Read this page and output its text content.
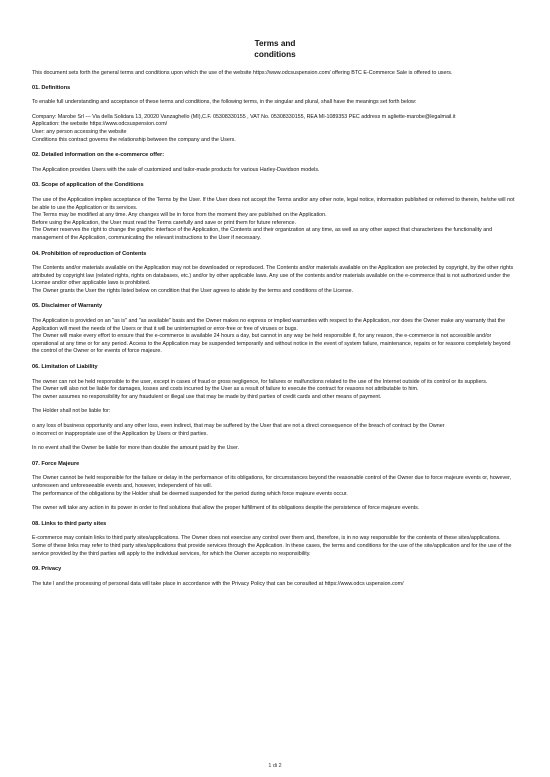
Terms and
conditions

This document sets forth the general terms and conditions upon which the use of the website https://www.odcsuspension.com/ offering BTC E-Commerce Sale is offered to users.

01. Definitions

To enable full understanding and acceptance of these terms and conditions, the following terms, in the singular and plural, shall have the meanings set forth below:

Company: Marobe Srl --- Via della Solidara 13, 20020 Vanzaghello (MI),C.F. 05308330155 , VAT No. 05308330155, REA MI-1089353 PEC address m agliette-marobe@legalmail.it

Application: the website https://www.odcsuspension.com/

User: any person accessing the website

Conditions this contract governs the relationship between the company and the Users.

02. Detailed information on the e-commerce offer:

The Application provides Users with the sale of customized and tailor-made products for various Harley-Davidson models.

03. Scope of application of the Conditions

The use of the Application implies acceptance of the Terms by the User. If the User does not accept the Terms and/or any other note, legal notice, information published or referred to therein, he/she will not be able to use the Application or its services.

The Terms may be modified at any time. Any changes will be in force from the moment they are published on the Application.

Before using the Application, the User must read the Terms carefully and save or print them for future reference.

The Owner reserves the right to change the graphic interface of the Application, the Contents and their organization at any time, as well as any other aspect that characterizes the functionality and management of the Application, communicating the relevant instructions to the User if necessary.

04. Prohibition of reproduction of Contents

The Contents and/or materials available on the Application may not be downloaded or reproduced. The Contents and/or materials available on the Application are protected by copyright, by the other rights attributed by copyright law (related rights, rights on databases, etc.) and/or by other applicable laws. Any use of the contents and/or materials available on the e-commerce that is not authorized under the License and/or other applicable laws is prohibited.

The Owner grants the User the rights listed below on condition that the User agrees to abide by the terms and conditions of the License.

05. Disclaimer of Warranty

The Application is provided on an "as is" and "as available" basis and the Owner makes no express or implied warranties with respect to the Application, nor does the Owner make any warranty that the Application will meet the needs of the Users or that it will be uninterrupted or error-free or free of viruses or bugs.

The Owner will make every effort to ensure that the e-commerce is available 24 hours a day, but cannot in any way be held responsible if, for any reason, the e-commerce is not accessible and/or operational at any time or for any period. Access to the Application may be suspended temporarily and without notice in the event of system failure, maintenance, repairs or for reasons completely beyond the control of the Owner or for events of force majeure.

06. Limitation of Liability

The owner can not be held responsible to the user, except in cases of fraud or gross negligence, for failures or malfunctions related to the use of the Internet outside of its control or its suppliers.

The Owner will also not be liable for damages, losses and costs incurred by the User as a result of failure to execute the contract for reasons not attributable to him.

The owner assumes no responsibility for any fraudulent or illegal use that may be made by third parties of credit cards and other means of payment.

The Holder shall not be liable for:

o any loss of business opportunity and any other loss, even indirect, that may be suffered by the User that are not a direct consequence of the breach of contract by the Owner

o incorrect or inappropriate use of the Application by Users or third parties.

In no event shall the Owner be liable for more than double the amount paid by the User.

07. Force Majeure

The Owner cannot be held responsible for the failure or delay in the performance of its obligations, for circumstances beyond the reasonable control of the Owner due to force majeure events or, however, unforeseen and unforeseeable events and, however, independent of his will.

The performance of the obligations by the Holder shall be deemed suspended for the period during which force majeure events occur.

The owner will take any action in its power in order to find solutions that allow the proper fulfillment of its obligations despite the persistence of force majeure events.

08. Links to third party sites

E-commerce may contain links to third party sites/applications. The Owner does not exercise any control over them and, therefore, is in no way responsible for the contents of these sites/applications.

Some of these links may refer to third party sites/applications that provide services through the Application. In these cases, the terms and conditions for the use of the site/application and for the use of the service provided by the third parties will apply to the individual services, for which the Owner accepts no responsibility.

09. Privacy

The tute l and the processing of personal data will take place in accordance with the Privacy Policy that can be consulted at https://www.odcs uspension.com/

1 di 2
